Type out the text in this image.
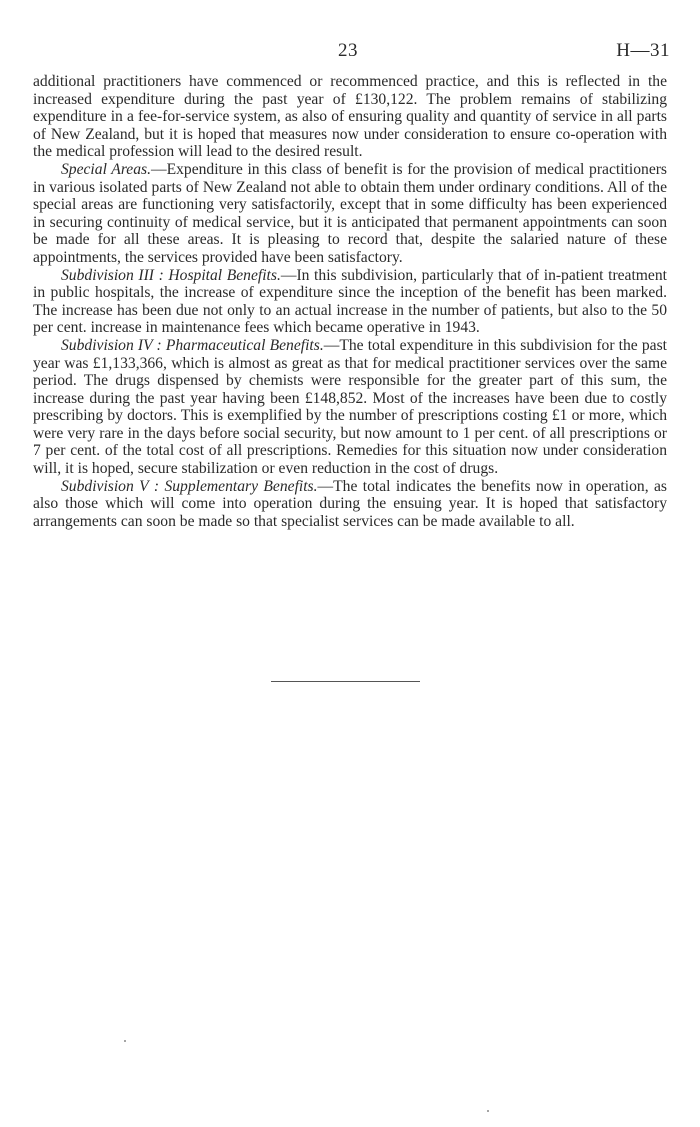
23	H—31

additional practitioners have commenced or recommenced practice, and this is reflected in the increased expenditure during the past year of £130,122. The problem remains of stabilizing expenditure in a fee-for-service system, as also of ensuring quality and quantity of service in all parts of New Zealand, but it is hoped that measures now under consideration to ensure co-operation with the medical profession will lead to the desired result.

Special Areas.—Expenditure in this class of benefit is for the provision of medical practitioners in various isolated parts of New Zealand not able to obtain them under ordinary conditions. All of the special areas are functioning very satisfactorily, except that in some difficulty has been experienced in securing continuity of medical service, but it is anticipated that permanent appointments can soon be made for all these areas. It is pleasing to record that, despite the salaried nature of these appointments, the services provided have been satisfactory.

Subdivision III : Hospital Benefits.—In this subdivision, particularly that of in-patient treatment in public hospitals, the increase of expenditure since the inception of the benefit has been marked. The increase has been due not only to an actual increase in the number of patients, but also to the 50 per cent. increase in maintenance fees which became operative in 1943.

Subdivision IV : Pharmaceutical Benefits.—The total expenditure in this subdivision for the past year was £1,133,366, which is almost as great as that for medical practitioner services over the same period. The drugs dispensed by chemists were responsible for the greater part of this sum, the increase during the past year having been £148,852. Most of the increases have been due to costly prescribing by doctors. This is exemplified by the number of prescriptions costing £1 or more, which were very rare in the days before social security, but now amount to 1 per cent. of all prescriptions or 7 per cent. of the total cost of all prescriptions. Remedies for this situation now under consideration will, it is hoped, secure stabilization or even reduction in the cost of drugs.

Subdivision V : Supplementary Benefits.—The total indicates the benefits now in operation, as also those which will come into operation during the ensuing year. It is hoped that satisfactory arrangements can soon be made so that specialist services can be made available to all.
